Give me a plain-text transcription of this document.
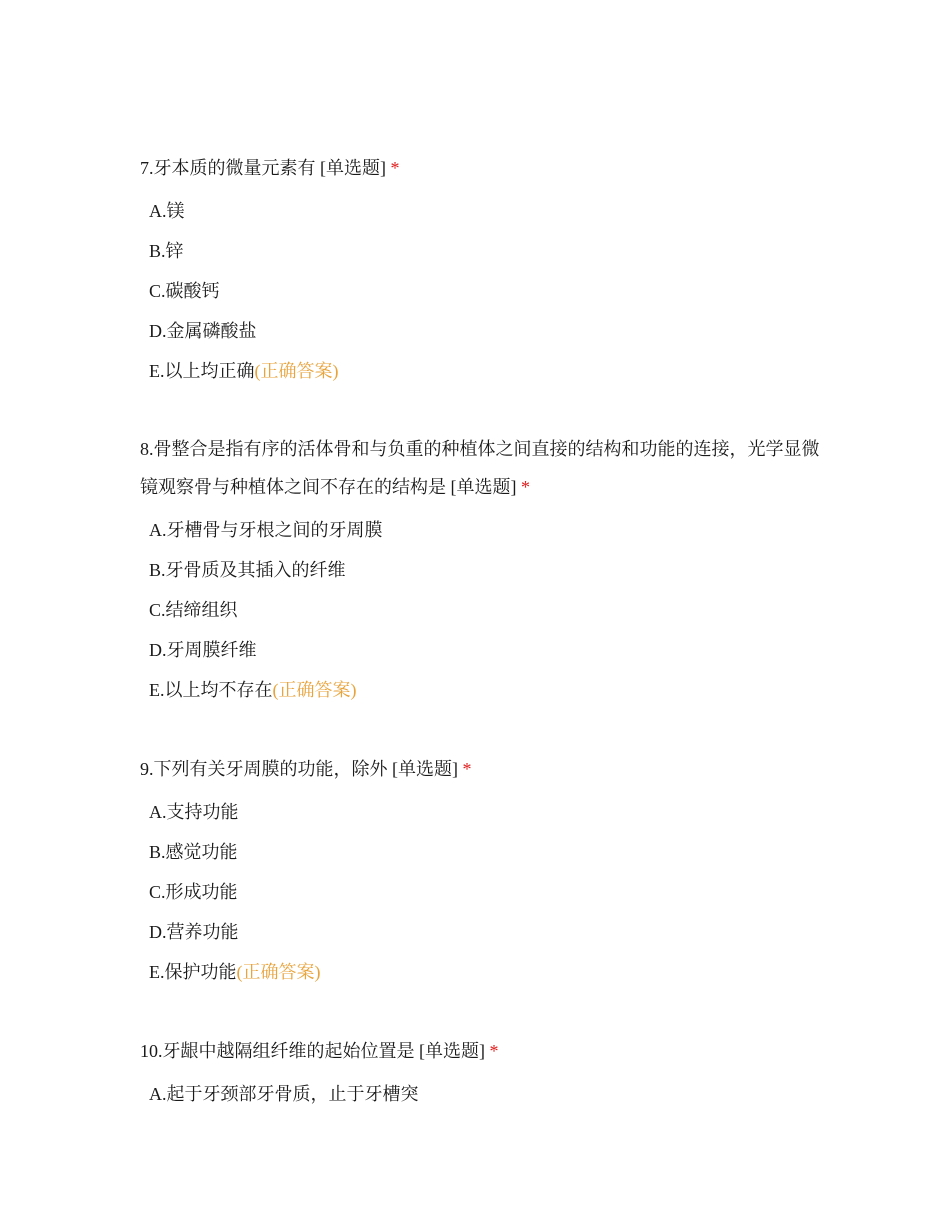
7.牙本质的微量元素有 [单选题] *

A.镁
B.锌
C.碳酸钙
D.金属磷酸盐
E.以上均正确(正确答案)

8.骨整合是指有序的活体骨和与负重的种植体之间直接的结构和功能的连接，光学显微镜观察骨与种植体之间不存在的结构是 [单选题] *

A.牙槽骨与牙根之间的牙周膜
B.牙骨质及其插入的纤维
C.结缔组织
D.牙周膜纤维
E.以上均不存在(正确答案)

9.下列有关牙周膜的功能，除外 [单选题] *

A.支持功能
B.感觉功能
C.形成功能
D.营养功能
E.保护功能(正确答案)

10.牙龈中越隔组纤维的起始位置是 [单选题] *

A.起于牙颈部牙骨质，止于牙槽突
